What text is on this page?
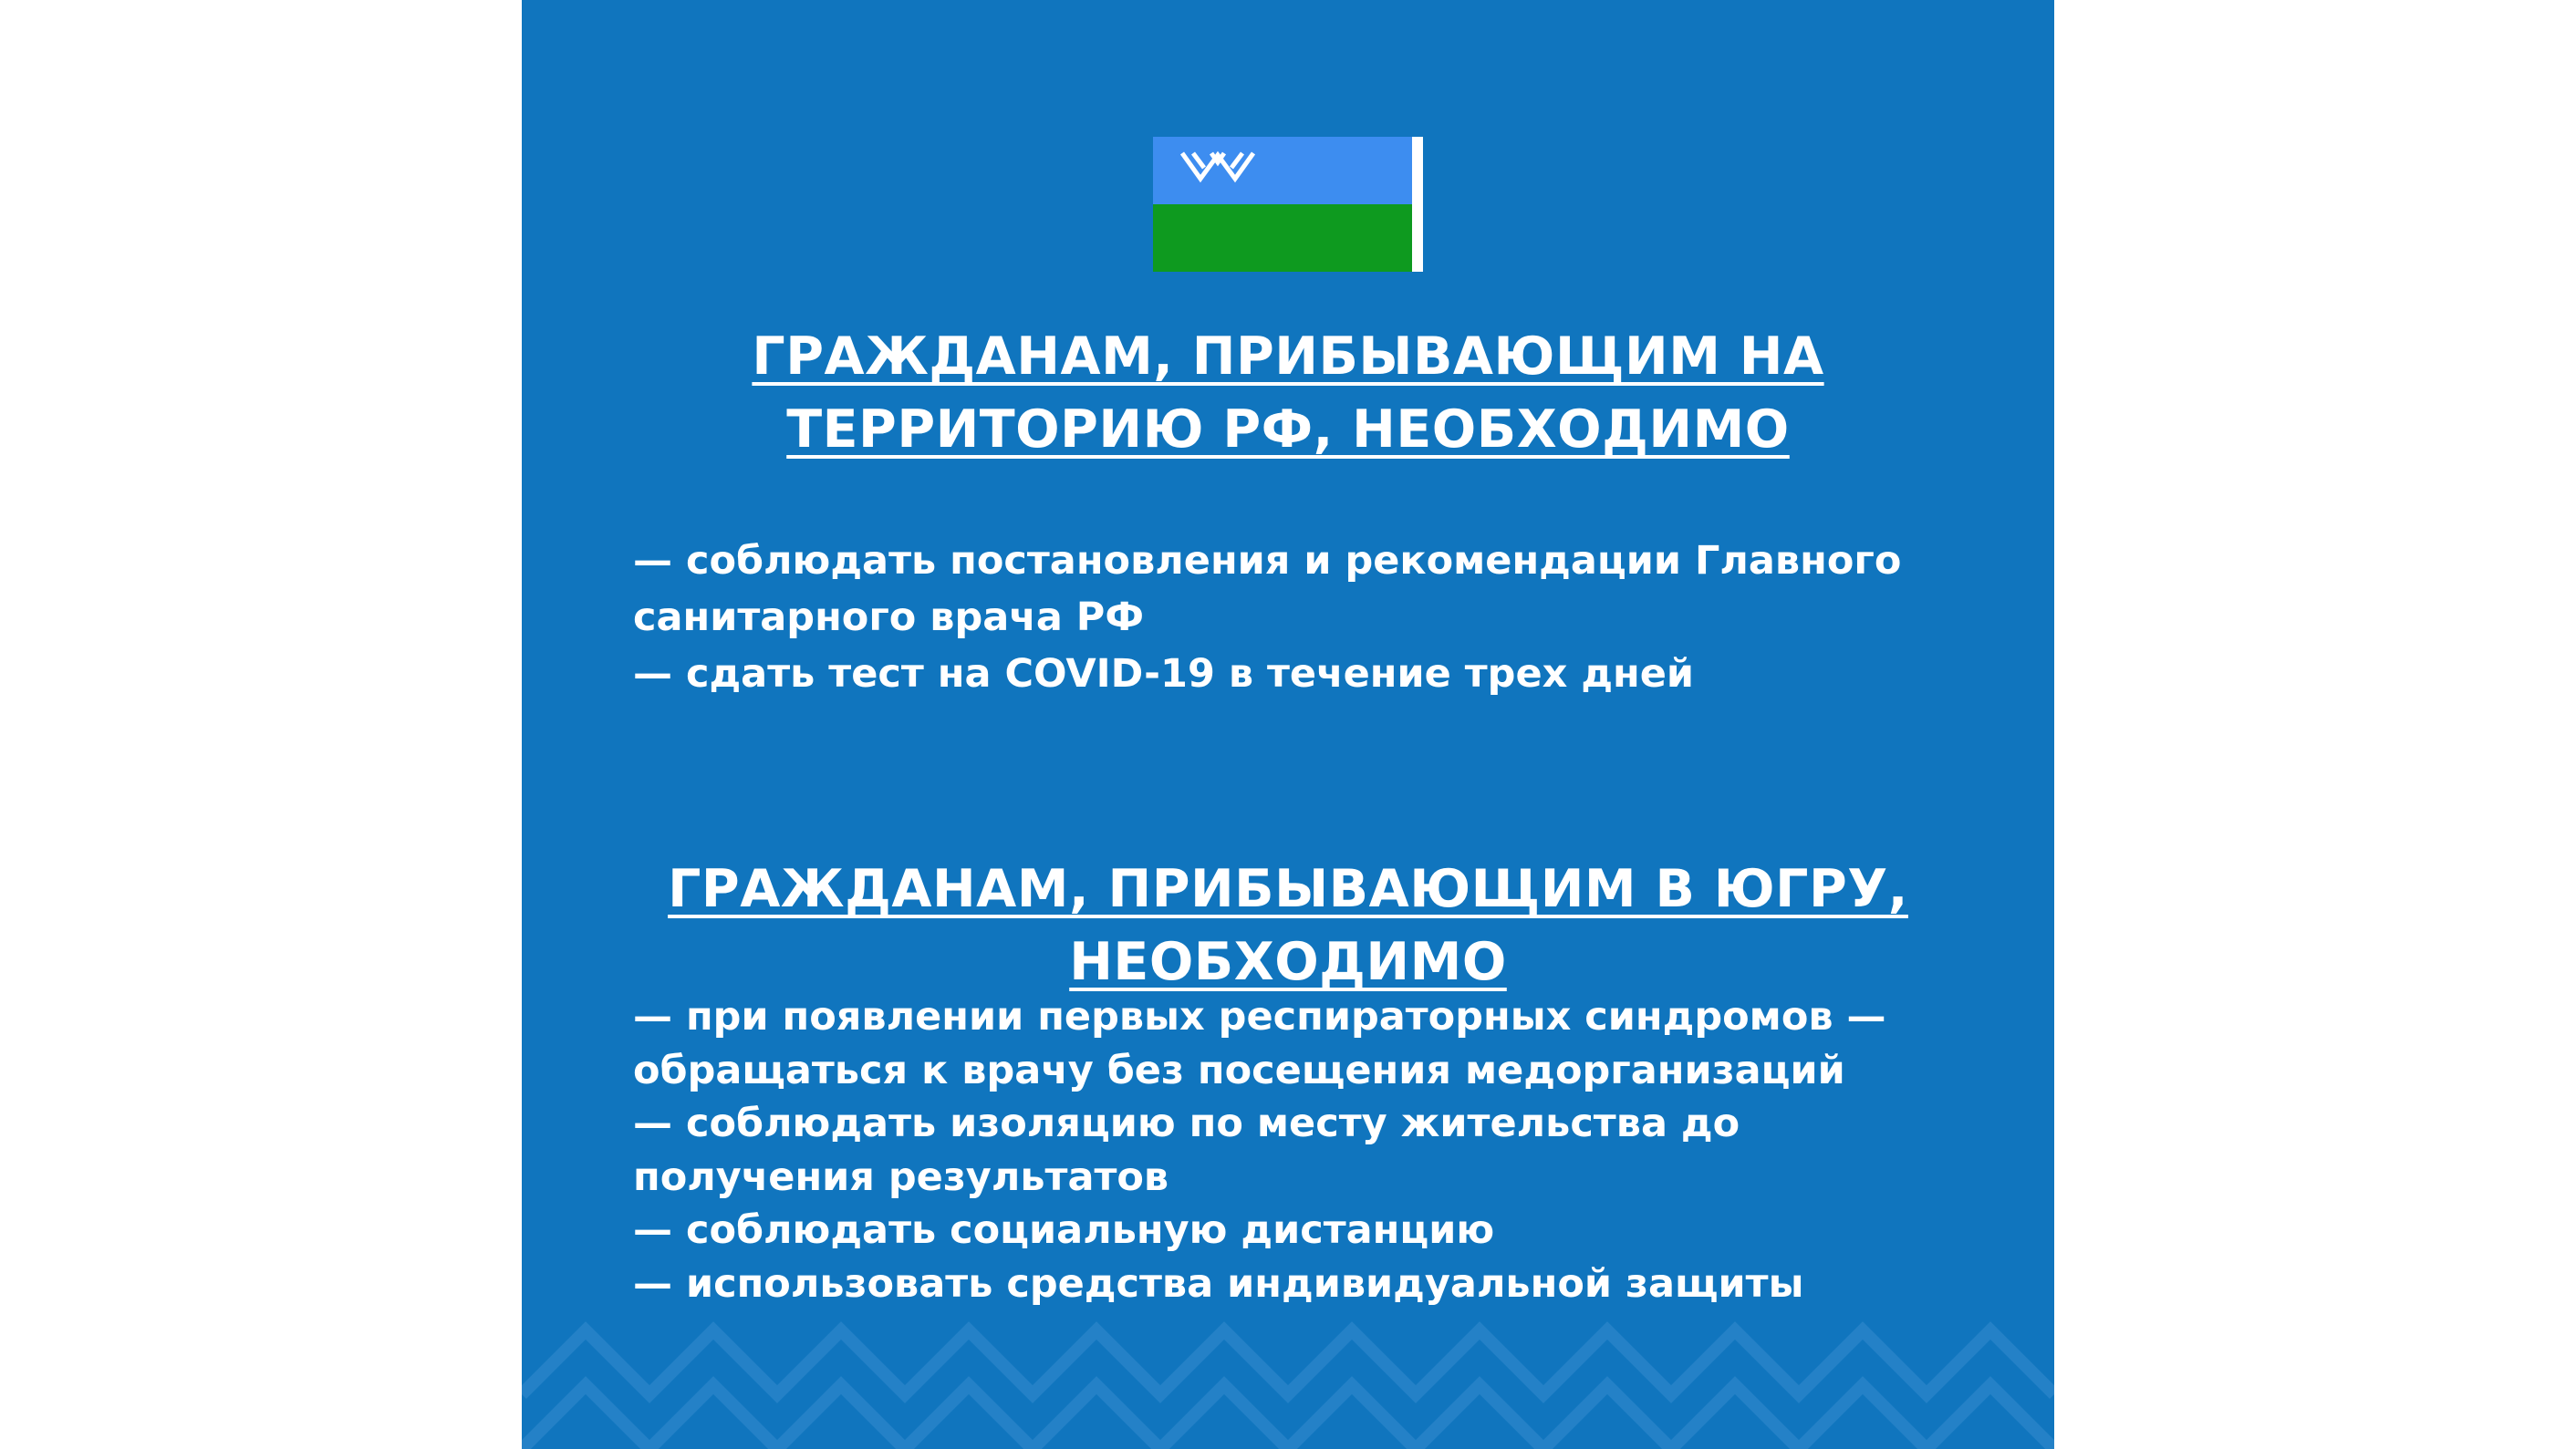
ГРАЖДАНАМ, ПРИБЫВАЮЩИМ НА
ТЕРРИТОРИЮ РФ, НЕОБХОДИМО
— соблюдать постановления и рекомендации Главного
санитарного врача РФ
— сдать тест на COVID-19 в течение трех дней
ГРАЖДАНАМ, ПРИБЫВАЮЩИМ В ЮГРУ,
НЕОБХОДИМО
— при появлении первых респираторных синдромов —
обращаться к врачу без посещения медорганизаций
— соблюдать изоляцию по месту жительства до
получения результатов
— соблюдать социальную дистанцию
— использовать средства индивидуальной защиты
